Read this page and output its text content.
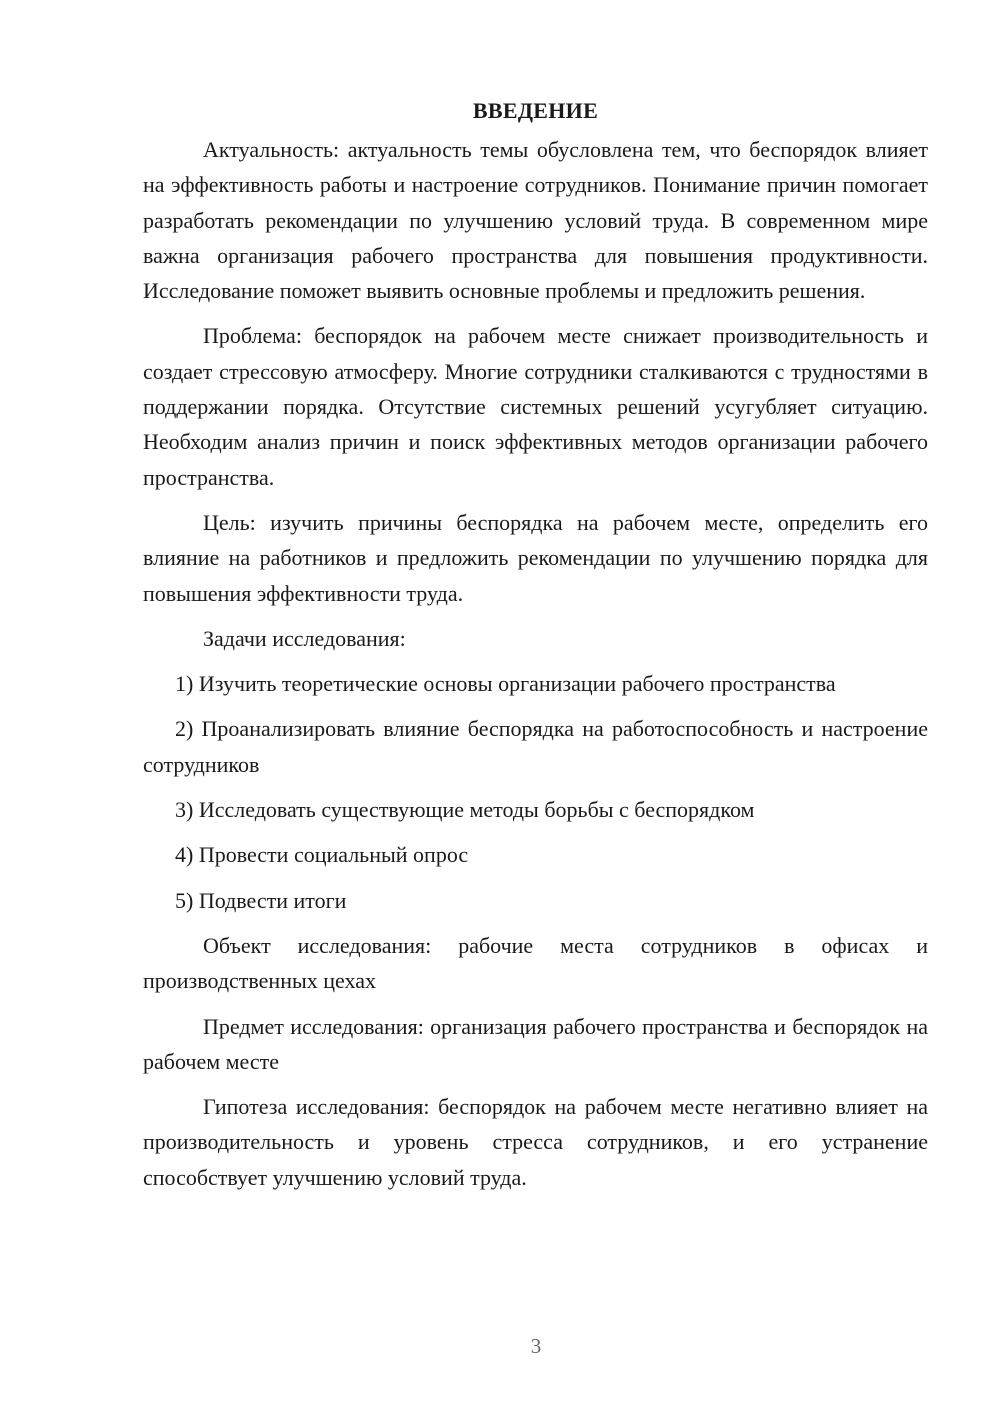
ВВЕДЕНИЕ

Актуальность: актуальность темы обусловлена тем, что беспорядок влияет на эффективность работы и настроение сотрудников. Понимание причин помогает разработать рекомендации по улучшению условий труда. В современном мире важна организация рабочего пространства для повышения продуктивности. Исследование поможет выявить основные проблемы и предложить решения.

Проблема: беспорядок на рабочем месте снижает производительность и создает стрессовую атмосферу. Многие сотрудники сталкиваются с трудностями в поддержании порядка. Отсутствие системных решений усугубляет ситуацию. Необходим анализ причин и поиск эффективных методов организации рабочего пространства.

Цель: изучить причины беспорядка на рабочем месте, определить его влияние на работников и предложить рекомендации по улучшению порядка для повышения эффективности труда.

Задачи исследования:

1) Изучить теоретические основы организации рабочего пространства

2) Проанализировать влияние беспорядка на работоспособность и настроение сотрудников

3) Исследовать существующие методы борьбы с беспорядком

4) Провести социальный опрос

5) Подвести итоги

Объект исследования: рабочие места сотрудников в офисах и производственных цехах

Предмет исследования: организация рабочего пространства и беспорядок на рабочем месте

Гипотеза исследования: беспорядок на рабочем месте негативно влияет на производительность и уровень стресса сотрудников, и его устранение способствует улучшению условий труда.

3
